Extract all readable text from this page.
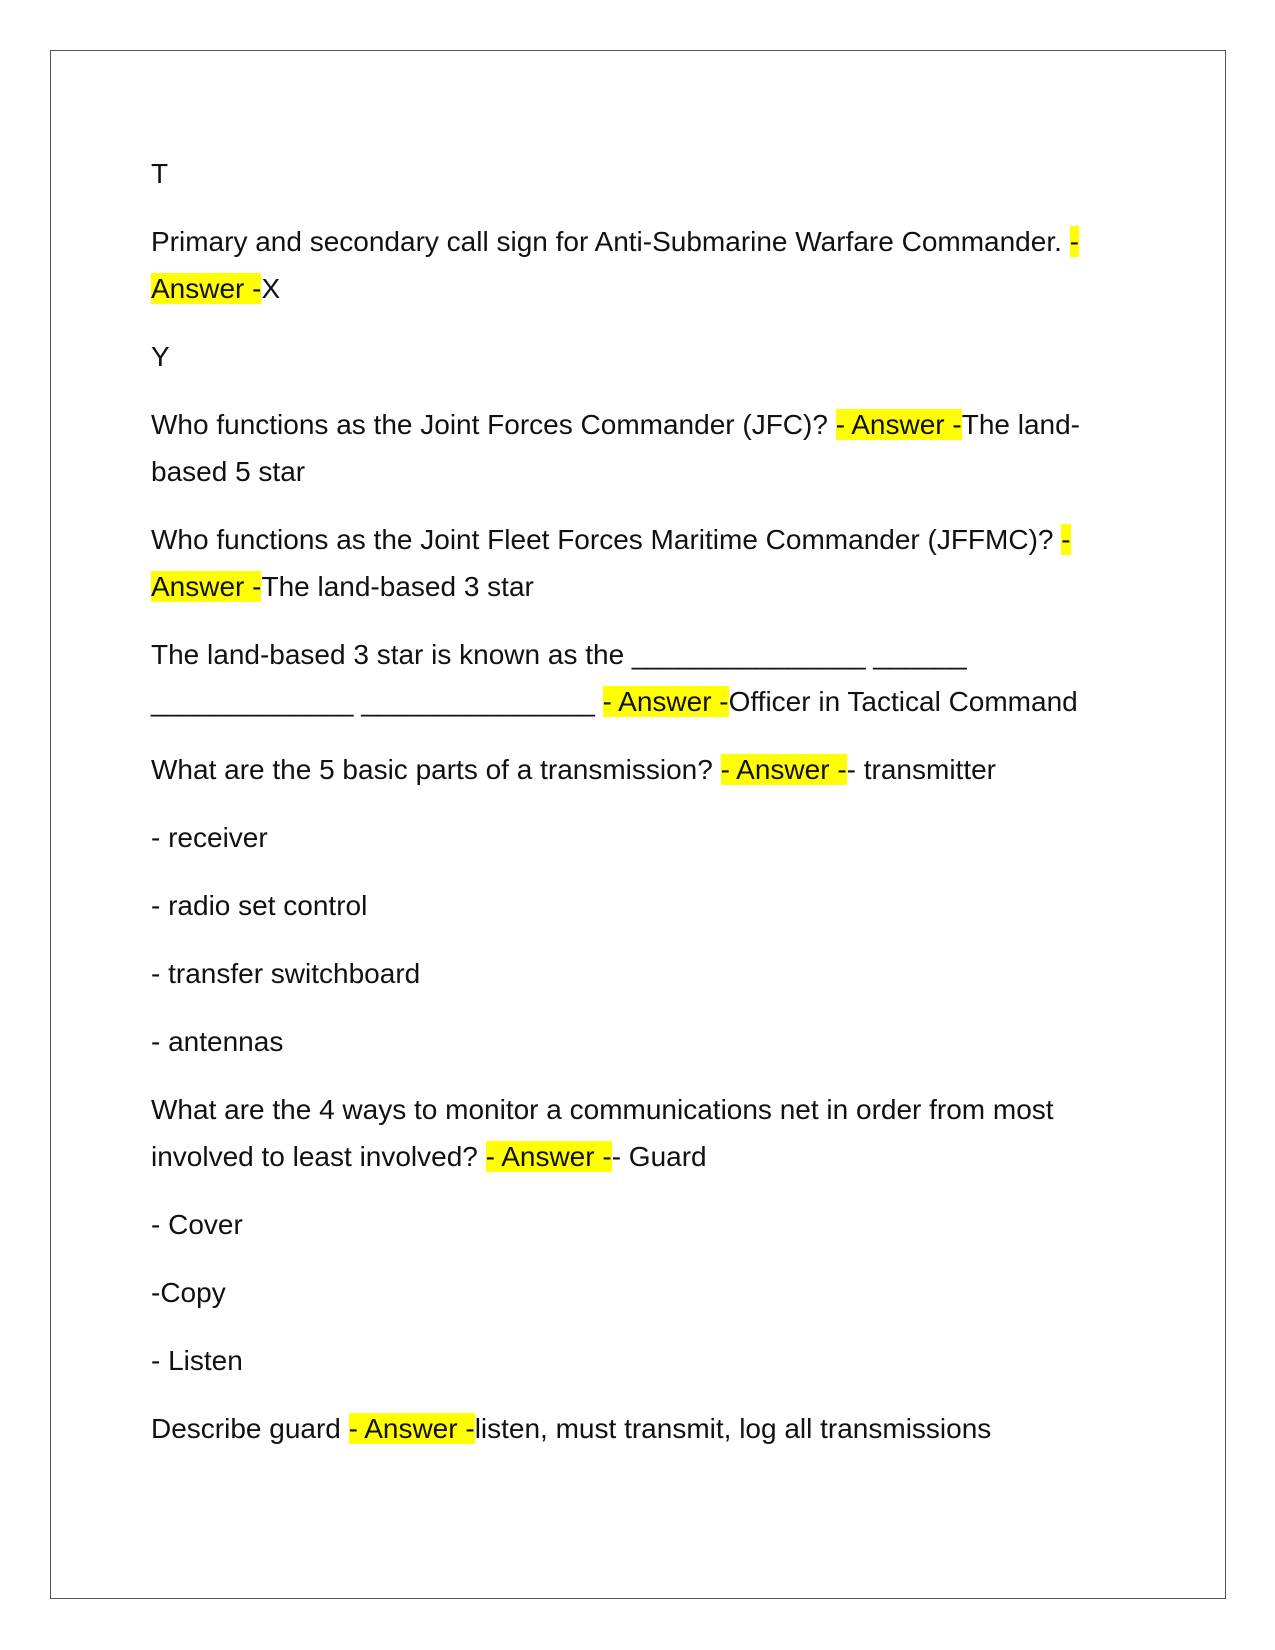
T

Primary and secondary call sign for Anti-Submarine Warfare Commander. - Answer -X

Y

Who functions as the Joint Forces Commander (JFC)? - Answer -The land-based 5 star

Who functions as the Joint Fleet Forces Maritime Commander (JFFMC)? - Answer -The land-based 3 star

The land-based 3 star is known as the _______________ ______ _____________ _______________ - Answer -Officer in Tactical Command

What are the 5 basic parts of a transmission? - Answer -- transmitter

- receiver

- radio set control

- transfer switchboard

- antennas

What are the 4 ways to monitor a communications net in order from most involved to least involved? - Answer -- Guard

- Cover

-Copy

- Listen

Describe guard - Answer -listen, must transmit, log all transmissions
